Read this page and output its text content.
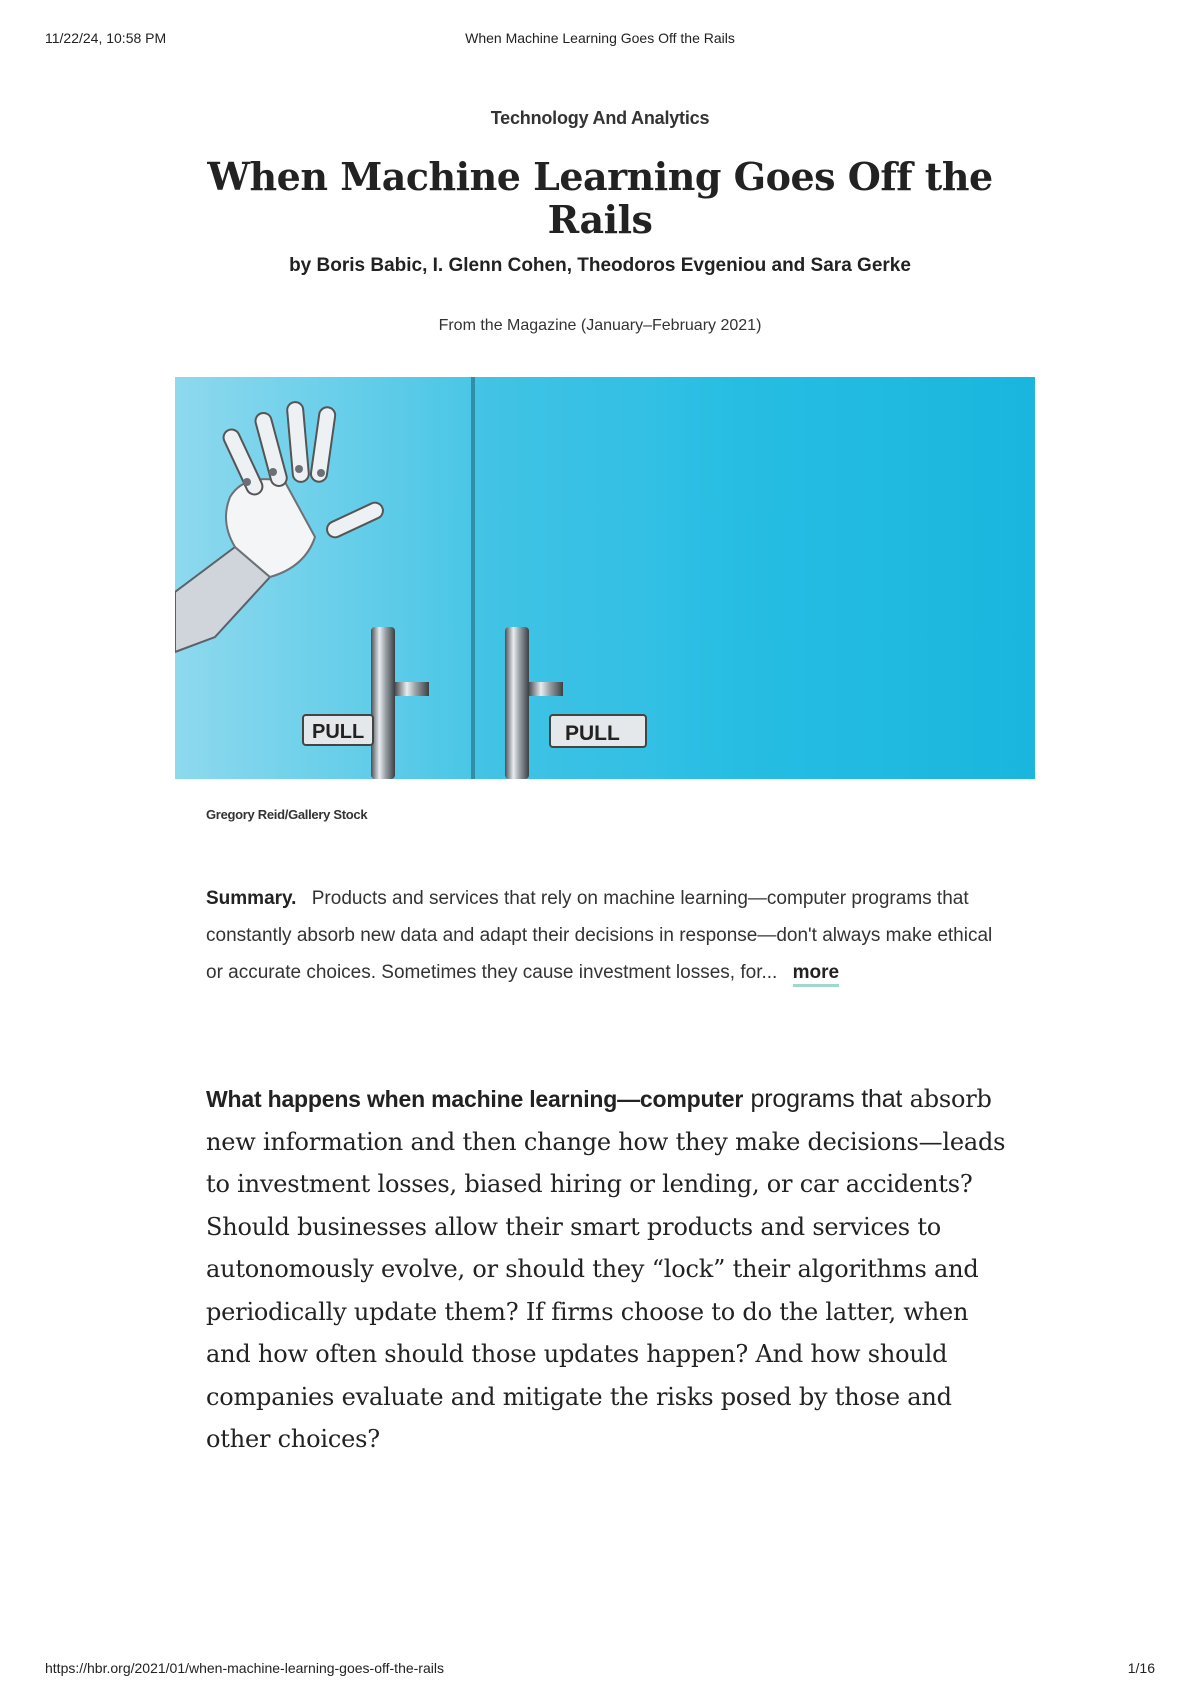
11/22/24, 10:58 PM	When Machine Learning Goes Off the Rails
Technology And Analytics
When Machine Learning Goes Off the Rails
by Boris Babic, I. Glenn Cohen, Theodoros Evgeniou and Sara Gerke
From the Magazine (January–February 2021)
PULL	PULL
Gregory Reid/Gallery Stock
Summary. Products and services that rely on machine learning—computer programs that constantly absorb new data and adapt their decisions in response—don't always make ethical or accurate choices. Sometimes they cause investment losses, for... more

What happens when machine learning—computer programs that absorb new information and then change how they make decisions—leads to investment losses, biased hiring or lending, or car accidents? Should businesses allow their smart products and services to autonomously evolve, or should they “lock” their algorithms and periodically update them? If firms choose to do the latter, when and how often should those updates happen? And how should companies evaluate and mitigate the risks posed by those and other choices?

https://hbr.org/2021/01/when-machine-learning-goes-off-the-rails	1/16
